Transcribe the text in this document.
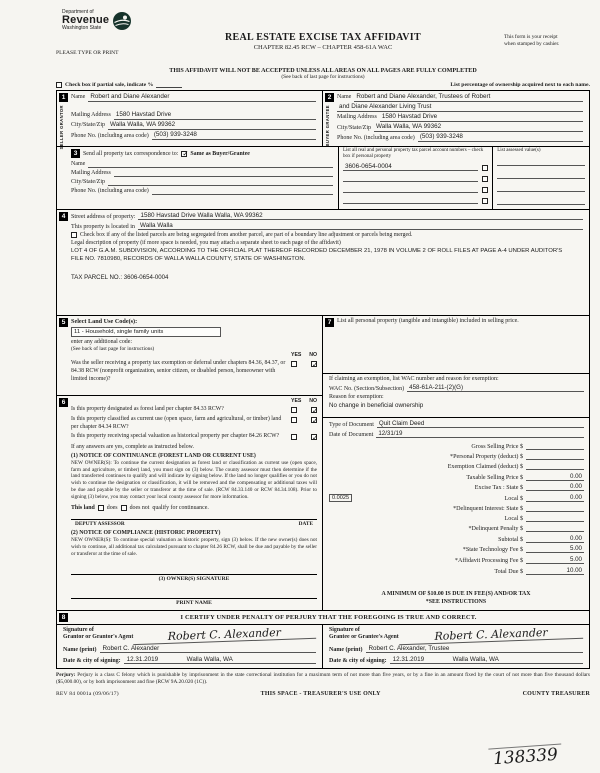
Department of
Revenue
Washington State
REAL ESTATE EXCISE TAX AFFIDAVIT
CHAPTER 82.45 RCW – CHAPTER 458-61A WAC
This form is your receipt
when stamped by cashier.
PLEASE TYPE OR PRINT
THIS AFFIDAVIT WILL NOT BE ACCEPTED UNLESS ALL AREAS ON ALL PAGES ARE FULLY COMPLETED
(See back of last page for instructions)
Check box if partial sale, indicate %	List percentage of ownership acquired next to each name.
1
SELLER GRANTOR
Name Robert and Diane Alexander
Mailing Address 1580 Havstad Drive
City/State/Zip Walla Walla, WA 99362
Phone No. (including area code) (503) 939-3248
2
BUYER GRANTEE
Name Robert and Diane Alexander, Trustees of Robert
and Diane Alexander Living Trust
Mailing Address 1580 Havstad Drive
City/State/Zip Walla Walla, WA 99362
Phone No. (including area code) (503) 939-3248
3 Send all property tax correspondence to: ✓ Same as Buyer/Grantee
Name
Mailing Address
City/State/Zip
Phone No. (including area code)
List all real and personal property tax parcel account numbers – check box if personal property
3606-0654-0004
List assessed value(s)
4 Street address of property: 1580 Havstad Drive Walla Walla, WA 99362
This property is located in Walla Walla
Check box if any of the listed parcels are being segregated from another parcel, are part of a boundary line adjustment or parcels being merged.
Legal description of property (if more space is needed, you may attach a separate sheet to each page of the affidavit)
LOT 4 OF G.A.M. SUBDIVISION, ACCORDING TO THE OFFICIAL PLAT THEREOF RECORDED DECEMBER 21, 1978 IN VOLUME 2 OF ROLL FILES AT PAGE A-4 UNDER AUDITOR'S FILE NO. 7810980, RECORDS OF WALLA WALLA COUNTY, STATE OF WASHINGTON.
TAX PARCEL NO.: 3606-0654-0004
5 Select Land Use Code(s):
11 - Household, single family units
enter any additional code:
(See back of last page for instructions)
YES NO
Was the seller receiving a property tax exemption or deferral under chapters 84.36, 84.37, or 84.38 RCW (nonprofit organization, senior citizen, or disabled person, homeowner with limited income)?
✓
6	YES NO
Is this property designated as forest land per chapter 84.33 RCW?
✓
Is this property classified as current use (open space, farm and agricultural, or timber) land per chapter 84.34 RCW?
✓
Is this property receiving special valuation as historical property per chapter 84.26 RCW?
✓
If any answers are yes, complete as instructed below.
(1) NOTICE OF CONTINUANCE (FOREST LAND OR CURRENT USE)
NEW OWNER(S): To continue the current designation as forest land or classification as current use (open space, farm and agriculture, or timber) land, you must sign on (3) below. The county assessor must then determine if the land transferred continues to qualify and will indicate by signing below. If the land no longer qualifies or you do not wish to continue the designation or classification, it will be removed and the compensating or additional taxes will be due and payable by the seller or transferor at the time of sale. (RCW 84.33.140 or RCW 84.34.108). Prior to signing (3) below, you may contact your local county assessor for more information.
This land does does not qualify for continuance.
DEPUTY ASSESSOR	DATE
(2) NOTICE OF COMPLIANCE (HISTORIC PROPERTY)
NEW OWNER(S): To continue special valuation as historic property, sign (3) below. If the new owner(s) does not wish to continue, all additional tax calculated pursuant to chapter 84.26 RCW, shall be due and payable by the seller or transferor at the time of sale.
(3) OWNER(S) SIGNATURE
PRINT NAME
7 List all personal property (tangible and intangible) included in selling price.
If claiming an exemption, list WAC number and reason for exemption:
WAC No. (Section/Subsection) 458-61A-211-(2)(G)
Reason for exemption:
No change in beneficial ownership
Type of Document Quit Claim Deed
Date of Document 12/31/19
Gross Selling Price $
*Personal Property (deduct) $
Exemption Claimed (deduct) $
Taxable Selling Price $	0.00
Excise Tax : State $	0.00
0.0025	Local $	0.00
*Delinquent Interest: State $
Local $
*Delinquent Penalty $
Subtotal $	0.00
*State Technology Fee $	5.00
*Affidavit Processing Fee $	5.00
Total Due $	10.00
A MINIMUM OF $10.00 IS DUE IN FEE(S) AND/OR TAX
*SEE INSTRUCTIONS
8	I CERTIFY UNDER PENALTY OF PERJURY THAT THE FOREGOING IS TRUE AND CORRECT.
Signature of
Grantor or Grantor's Agent	Robert C. Alexander
Name (print) Robert C. Alexander
Date & city of signing: 12.31.2019	Walla Walla, WA
Signature of
Grantee or Grantee's Agent	Robert C. Alexander
Name (print) Robert C. Alexander, Trustee
Date & city of signing: 12.31.2019	Walla Walla, WA
Perjury: Perjury is a class C felony which is punishable by imprisonment in the state correctional institution for a maximum term of not more than five years, or by a fine in an amount fixed by the court of not more than five thousand dollars ($5,000.00), or by both imprisonment and fine (RCW 9A.20.020 (1C)).
REV 84 0001a (09/06/17)	THIS SPACE - TREASURER'S USE ONLY	COUNTY TREASURER
138339
